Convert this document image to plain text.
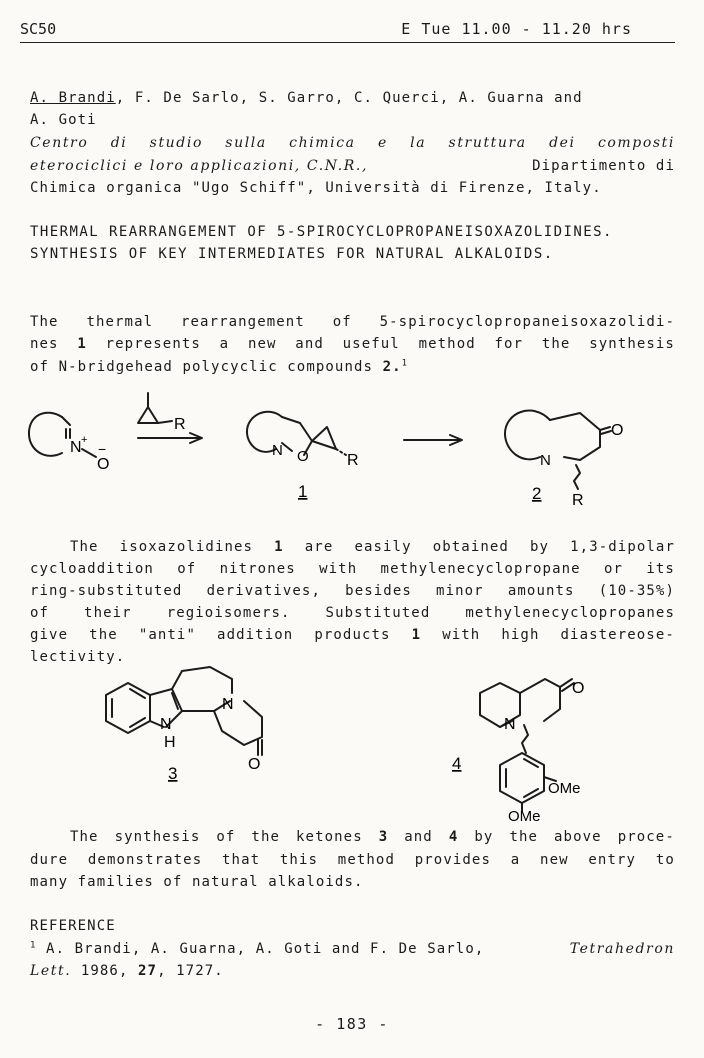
SC50	E Tue 11.00 - 11.20 hrs
A. Brandi, F. De Sarlo, S. Garro, C. Querci, A. Guarna and
A. Goti
Centro di studio sulla chimica e la struttura dei composti
eterociclici e loro applicazioni, C.N.R.,	Dipartimento di
Chimica organica "Ugo Schiff", Università di Firenze, Italy.
THERMAL REARRANGEMENT OF 5-SPIROCYCLOPROPANEISOXAZOLIDINES.
SYNTHESIS OF KEY INTERMEDIATES FOR NATURAL ALKALOIDS.
The thermal rearrangement of 5-spirocyclopropaneisoxazolidi-
nes 1 represents a new and useful method for the synthesis
of N-bridgehead polycyclic compounds 2.$^1$
N +
O
−
R
N O R
1
N
O
R
2
The isoxazolidines 1 are easily obtained by 1,3-dipolar
cycloaddition of nitrones with methylenecyclopropane or its
ring-substituted derivatives, besides minor amounts (10-35%)
of their regioisomers. Substituted methylenecyclopropanes
give the "anti" addition products 1 with high diastereose-
lectivity.
N
N
H
O
3
N
O
OMe
OMe
4
The synthesis of the ketones 3 and 4 by the above proce-
dure demonstrates that this method provides a new entry to
many families of natural alkaloids.
REFERENCE
$^1$ A. Brandi, A. Guarna, A. Goti and F. De Sarlo,	Tetrahedron
Lett. 1986, 27, 1727.
- 183 -
